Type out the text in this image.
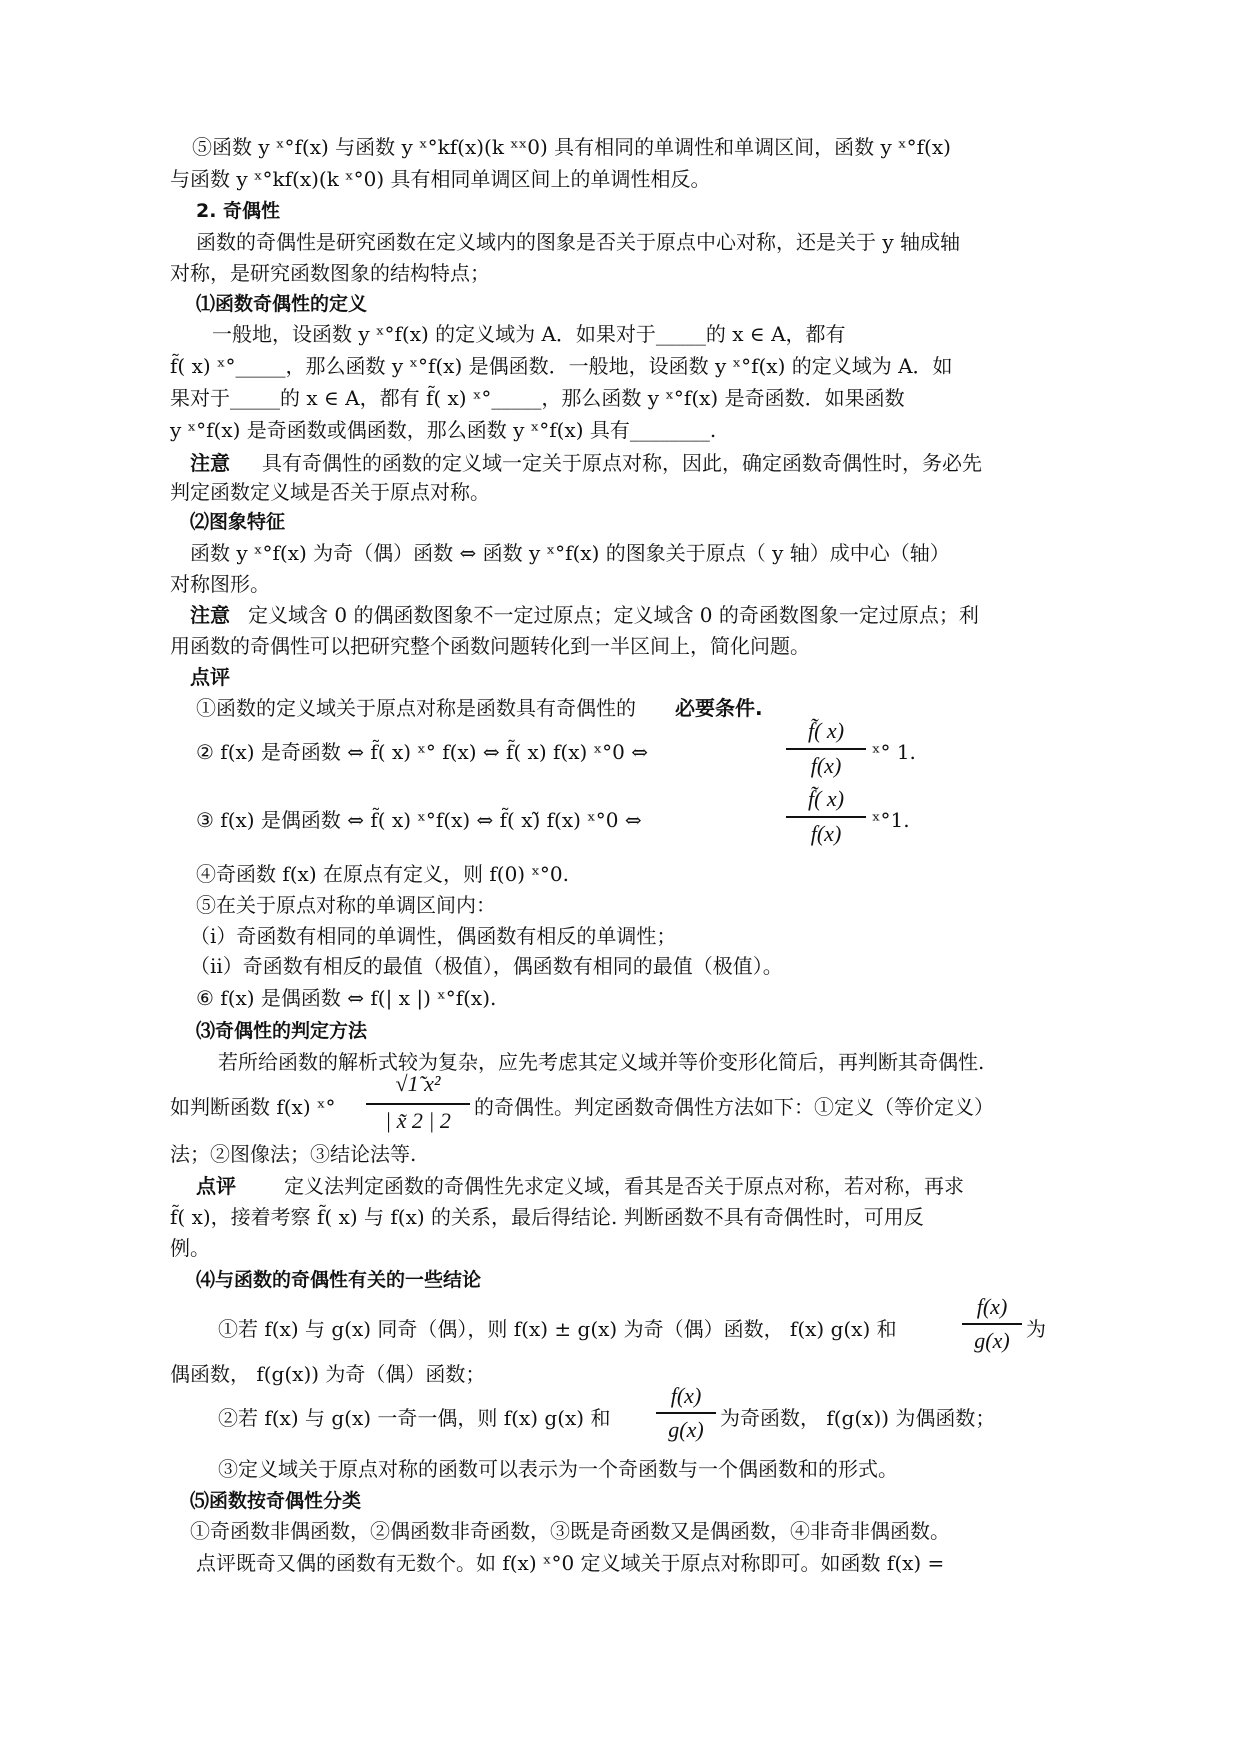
⑤函数 y ˣ°f(x) 与函数 y ˣ°kf(x)(k ˣˣ0) 具有相同的单调性和单调区间，函数 y ˣ°f(x)
与函数 y ˣ°kf(x)(k ˣ°0) 具有相同单调区间上的单调性相反。
2. 奇偶性
函数的奇偶性是研究函数在定义域内的图象是否关于原点中心对称，还是关于 y 轴成轴
对称，是研究函数图象的结构特点；
⑴函数奇偶性的定义
一般地，设函数 y ˣ°f(x) 的定义域为 A．如果对于_____的 x ∈ A，都有
f̃( x) ˣ°_____，那么函数 y ˣ°f(x) 是偶函数．一般地，设函数 y ˣ°f(x) 的定义域为 A．如
果对于_____的 x ∈ A，都有 f̃( x) ˣ°_____，那么函数 y ˣ°f(x) 是奇函数．如果函数
y ˣ°f(x) 是奇函数或偶函数，那么函数 y ˣ°f(x) 具有________.
注意 具有奇偶性的函数的定义域一定关于原点对称，因此，确定函数奇偶性时，务必先
判定函数定义域是否关于原点对称。
⑵图象特征
函数 y ˣ°f(x) 为奇（偶）函数 ⇔ 函数 y ˣ°f(x) 的图象关于原点（ y 轴）成中心（轴）
对称图形。
注意 定义域含 0 的偶函数图象不一定过原点；定义域含 0 的奇函数图象一定过原点；利
用函数的奇偶性可以把研究整个函数问题转化到一半区间上，简化问题。
点评
①函数的定义域关于原点对称是函数具有奇偶性的 必要条件.
② f(x) 是奇函数 ⇔ f̃( x) ˣ° f(x) ⇔ f̃( x) f(x) ˣ°0 ⇔
f̃( x)
f(x)
ˣ° 1.
③ f(x) 是偶函数 ⇔ f̃( x) ˣ°f(x) ⇔ f̃( x)̃ f(x) ˣ°0 ⇔
f̃( x)
f(x)
ˣ°1.
④奇函数 f(x) 在原点有定义，则 f(0) ˣ°0.
⑤在关于原点对称的单调区间内：
（ⅰ）奇函数有相同的单调性，偶函数有相反的单调性；
（ⅱ）奇函数有相反的最值（极值），偶函数有相同的最值（极值）。
⑥ f(x) 是偶函数 ⇔ f(| x |) ˣ°f(x).
⑶奇偶性的判定方法
若所给函数的解析式较为复杂，应先考虑其定义域并等价变形化简后，再判断其奇偶性.
如判断函数 f(x) ˣ°
√1̃ x²
| x̃ 2 | 2
的奇偶性。判定函数奇偶性方法如下：①定义（等价定义）
法；②图像法；③结论法等.
点评 定义法判定函数的奇偶性先求定义域，看其是否关于原点对称，若对称，再求
f̃( x)，接着考察 f̃( x) 与 f(x) 的关系，最后得结论. 判断函数不具有奇偶性时，可用反
例。
⑷与函数的奇偶性有关的一些结论
①若 f(x) 与 g(x) 同奇（偶），则 f(x) ± g(x) 为奇（偶）函数， f(x) g(x) 和
f(x)
g(x) 为
偶函数， f(g(x)) 为奇（偶）函数；
②若 f(x) 与 g(x) 一奇一偶，则 f(x) g(x) 和
f(x)
g(x) 为奇函数， f(g(x)) 为偶函数；
③定义域关于原点对称的函数可以表示为一个奇函数与一个偶函数和的形式。
⑸函数按奇偶性分类
①奇函数非偶函数，②偶函数非奇函数，③既是奇函数又是偶函数，④非奇非偶函数。
点评既奇又偶的函数有无数个。如 f(x) ˣ°0 定义域关于原点对称即可。如函数 f(x) =
